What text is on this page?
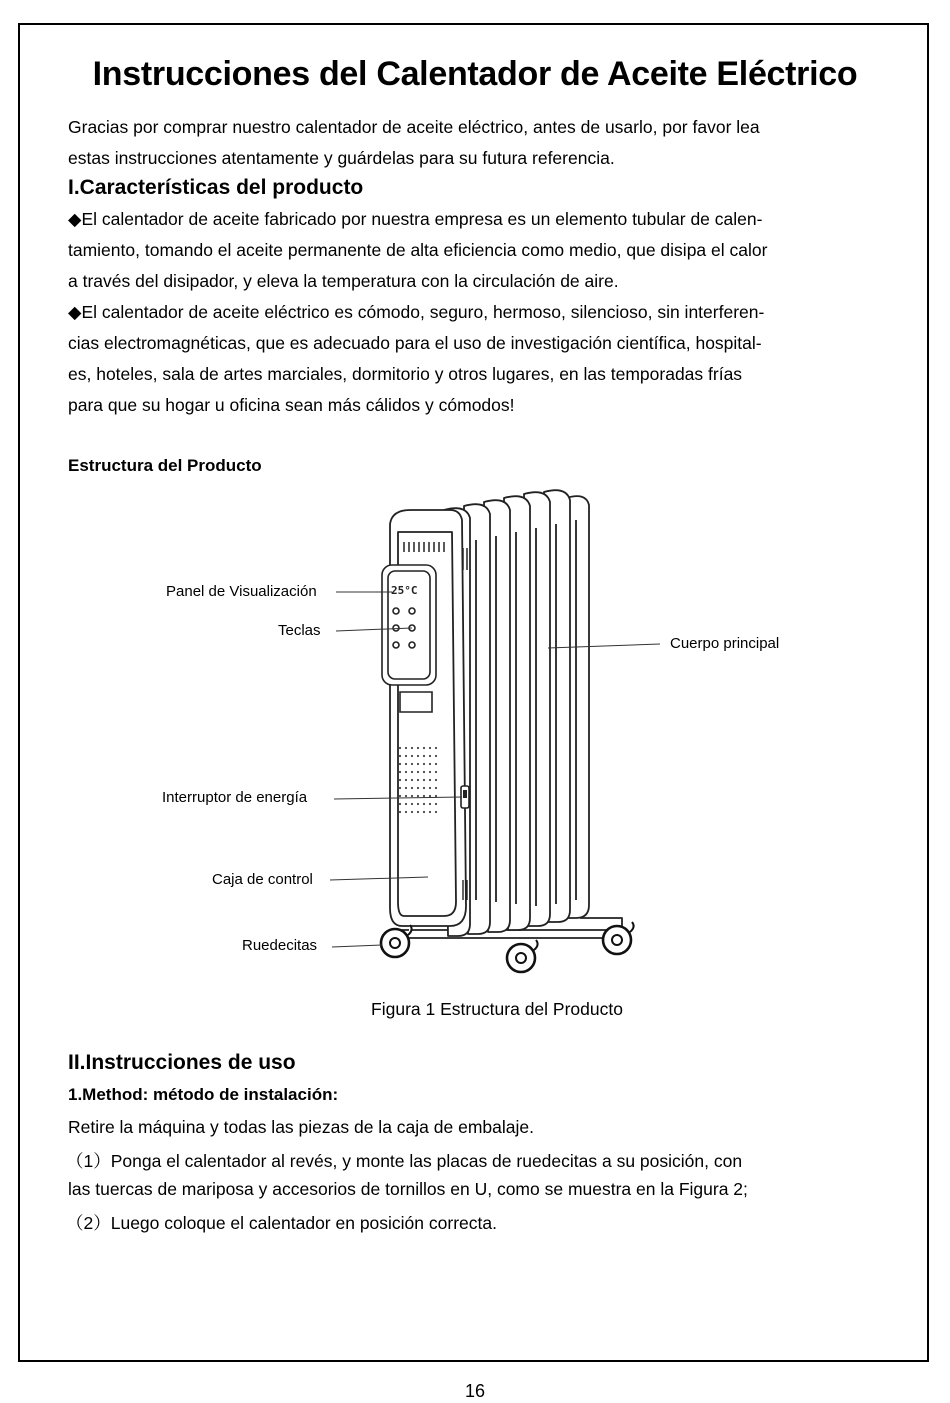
Instrucciones del Calentador de Aceite Eléctrico
Gracias por comprar nuestro calentador de aceite eléctrico, antes de usarlo, por favor lea
estas instrucciones atentamente y guárdelas para su futura referencia.
I.Características del producto
◆El calentador de aceite fabricado por nuestra empresa es un elemento tubular de calen-
tamiento, tomando el aceite permanente de alta eficiencia como medio, que disipa el calor
a través del disipador, y eleva la temperatura con la circulación de aire.
◆El calentador de aceite eléctrico es cómodo, seguro, hermoso, silencioso, sin interferen-
cias electromagnéticas, que es adecuado para el uso de investigación científica, hospital-
es, hoteles, sala de artes marciales, dormitorio y otros lugares, en las temporadas frías
para que su hogar u oficina sean más cálidos y cómodos!
Estructura del Producto
25°C
Panel de Visualización
Teclas
Cuerpo principal
Interruptor de energía
Caja de control
Ruedecitas
Figura 1 Estructura del Producto
II.Instrucciones de uso
1.Method: método de instalación:
Retire la máquina y todas las piezas de la caja de embalaje.
（1）Ponga el calentador al revés, y monte las placas de ruedecitas a su posición, con
las tuercas de mariposa y accesorios de tornillos en U, como se muestra en la Figura 2;
（2）Luego coloque el calentador en posición correcta.
16
